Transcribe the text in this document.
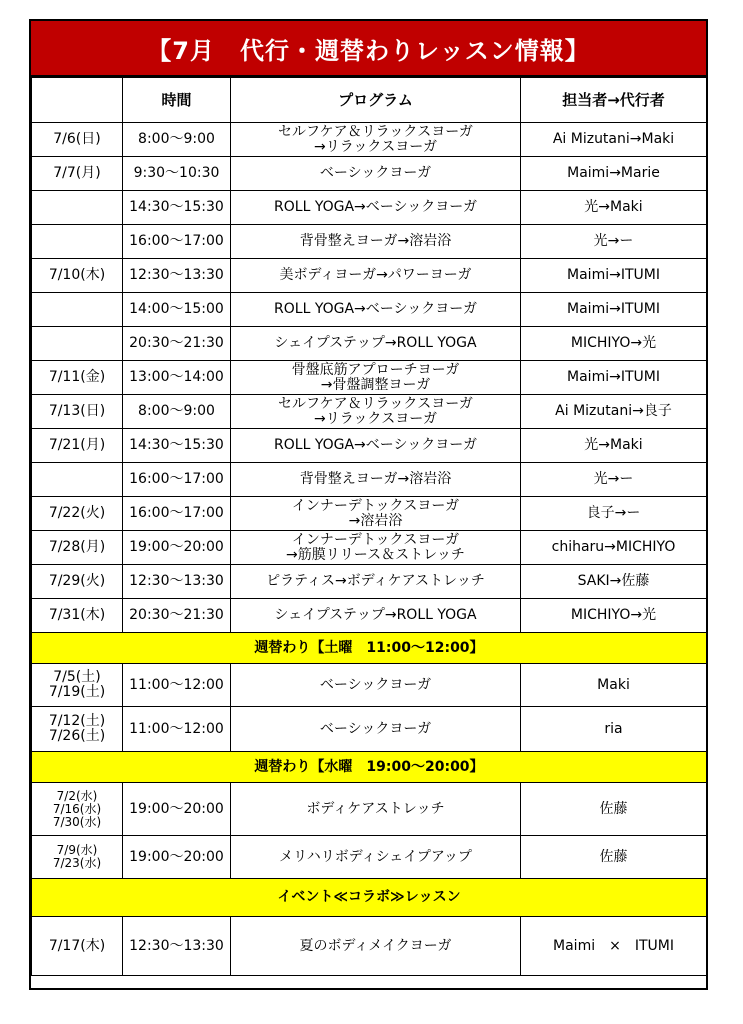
【7月　代行・週替わりレッスン情報】
	時間	プログラム	担当者→代行者
7/6(日)	8:00～9:00	セルフケア＆リラックスヨーガ
→リラックスヨーガ	Ai Mizutani→Maki
7/7(月)	9:30～10:30	ベーシックヨーガ	Maimi→Marie
	14:30～15:30	ROLL YOGA→ベーシックヨーガ	光→Maki
	16:00～17:00	背骨整えヨーガ→溶岩浴	光→ー
7/10(木)	12:30～13:30	美ボディヨーガ→パワーヨーガ	Maimi→ITUMI
	14:00～15:00	ROLL YOGA→ベーシックヨーガ	Maimi→ITUMI
	20:30～21:30	シェイプステップ→ROLL YOGA	MICHIYO→光
7/11(金)	13:00～14:00	骨盤底筋アプローチヨーガ
→骨盤調整ヨーガ	Maimi→ITUMI
7/13(日)	8:00～9:00	セルフケア＆リラックスヨーガ
→リラックスヨーガ	Ai Mizutani→良子
7/21(月)	14:30～15:30	ROLL YOGA→ベーシックヨーガ	光→Maki
	16:00～17:00	背骨整えヨーガ→溶岩浴	光→ー
7/22(火)	16:00～17:00	インナーデトックスヨーガ
→溶岩浴	良子→ー
7/28(月)	19:00～20:00	インナーデトックスヨーガ
→筋膜リリース＆ストレッチ	chiharu→MICHIYO
7/29(火)	12:30～13:30	ピラティス→ボディケアストレッチ	SAKI→佐藤
7/31(木)	20:30～21:30	シェイプステップ→ROLL YOGA	MICHIYO→光
週替わり【土曜　11:00～12:00】			

7/5(土)
7/19(土)	11:00～12:00	ベーシックヨーガ	Maki

7/12(土)
7/26(土)	11:00～12:00	ベーシックヨーガ	ria
週替わり【水曜　19:00～20:00】			

7/2(水)
7/16(水)
7/30(水)	19:00～20:00	ボディケアストレッチ	佐藤

7/9(水)
7/23(水)	19:00～20:00	メリハリボディシェイプアップ	佐藤
イベント≪コラボ≫レッスン			
7/17(木)	12:30～13:30	夏のボディメイクヨーガ	Maimi　×　ITUMI
